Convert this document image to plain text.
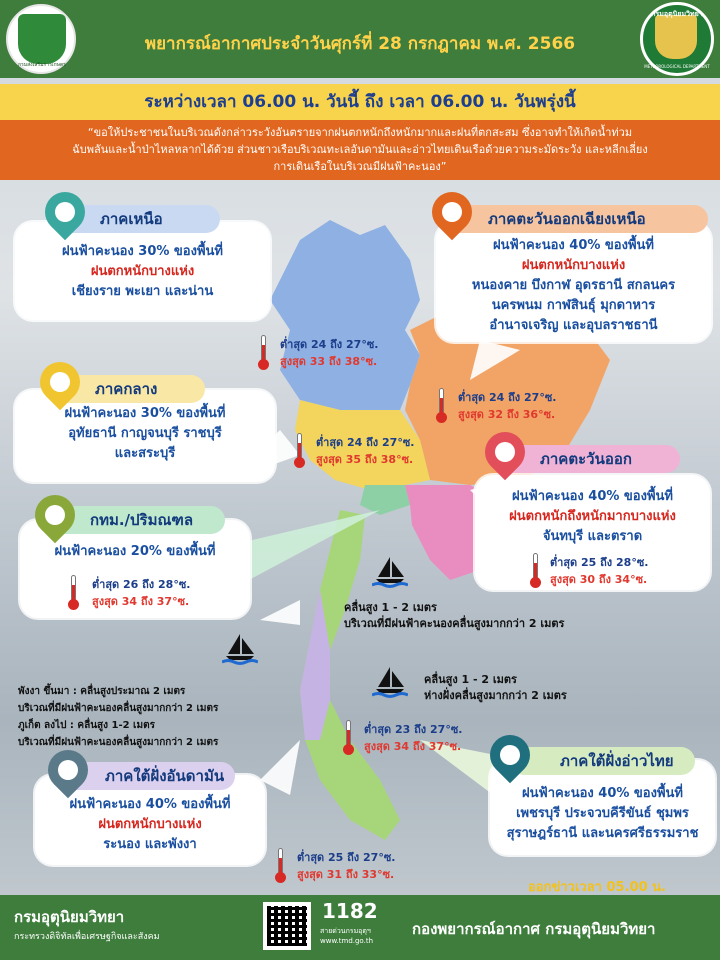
กรมส่งเสริมการเกษตร
พยากรณ์อากาศประจำวันศุกร์ที่ 28 กรกฎาคม พ.ศ. 2566
กรมอุตุนิยมวิทยา
METEOROLOGICAL DEPARTMENT
ระหว่างเวลา 06.00 น. วันนี้ ถึง เวลา 06.00 น. วันพรุ่งนี้
“ขอให้ประชาชนในบริเวณดังกล่าวระวังอันตรายจากฝนตกหนักถึงหนักมากและฝนที่ตกสะสม ซึ่งอาจทำให้เกิดน้ำท่วม
ฉับพลันและน้ำป่าไหลหลากได้ด้วย ส่วนชาวเรือบริเวณทะเลอันดามันและอ่าวไทยเดินเรือด้วยความระมัดระวัง และหลีกเลี่ยง
การเดินเรือในบริเวณมีฝนฟ้าคะนอง”
ฝนฟ้าคะนอง 30% ของพื้นที่
ฝนตกหนักบางแห่ง
เชียงราย พะเยา และน่าน
ภาคเหนือ
ฝนฟ้าคะนอง 40% ของพื้นที่
ฝนตกหนักบางแห่ง
หนองคาย บึงกาฬ อุดรธานี สกลนคร
นครพนม กาฬสินธุ์ มุกดาหาร
อำนาจเจริญ และอุบลราชธานี
ภาคตะวันออกเฉียงเหนือ
ฝนฟ้าคะนอง 30% ของพื้นที่
อุทัยธานี กาญจนบุรี ราชบุรี
และสระบุรี
ภาคกลาง
ฝนฟ้าคะนอง 40% ของพื้นที่
ฝนตกหนักถึงหนักมากบางแห่ง
จันทบุรี และตราด
ภาคตะวันออก
ฝนฟ้าคะนอง 20% ของพื้นที่
กทม./ปริมณฑล
ฝนฟ้าคะนอง 40% ของพื้นที่
ฝนตกหนักบางแห่ง
ระนอง และพังงา
ภาคใต้ฝั่งอันดามัน
ฝนฟ้าคะนอง 40% ของพื้นที่
เพชรบุรี ประจวบคีรีขันธ์ ชุมพร
สุราษฎร์ธานี และนครศรีธรรมราช
ภาคใต้ฝั่งอ่าวไทย
ต่ำสุด 24 ถึง 27°ซ.
สูงสุด 33 ถึง 38°ซ.
ต่ำสุด 24 ถึง 27°ซ.
สูงสุด 32 ถึง 36°ซ.
ต่ำสุด 24 ถึง 27°ซ.
สูงสุด 35 ถึง 38°ซ.
ต่ำสุด 25 ถึง 28°ซ.
สูงสุด 30 ถึง 34°ซ.
ต่ำสุด 26 ถึง 28°ซ.
สูงสุด 34 ถึง 37°ซ.
ต่ำสุด 23 ถึง 27°ซ.
สูงสุด 34 ถึง 37°ซ.
ต่ำสุด 25 ถึง 27°ซ.
สูงสุด 31 ถึง 33°ซ.
คลื่นสูง 1 - 2 เมตร
บริเวณที่มีฝนฟ้าคะนองคลื่นสูงมากกว่า 2 เมตร
คลื่นสูง 1 - 2 เมตร
ห่างฝั่งคลื่นสูงมากกว่า 2 เมตร
พังงา ขึ้นมา : คลื่นสูงประมาณ 2 เมตร
บริเวณที่มีฝนฟ้าคะนองคลื่นสูงมากกว่า 2 เมตร
ภูเก็ต ลงไป : คลื่นสูง 1-2 เมตร
บริเวณที่มีฝนฟ้าคะนองคลื่นสูงมากกว่า 2 เมตร
ออกข่าวเวลา 05.00 น.
กรมอุตุนิยมวิทยา
กระทรวงดิจิทัลเพื่อเศรษฐกิจและสังคม
1182
สายด่วนกรมอุตุฯ
www.tmd.go.th
กองพยากรณ์อากาศ กรมอุตุนิยมวิทยา
